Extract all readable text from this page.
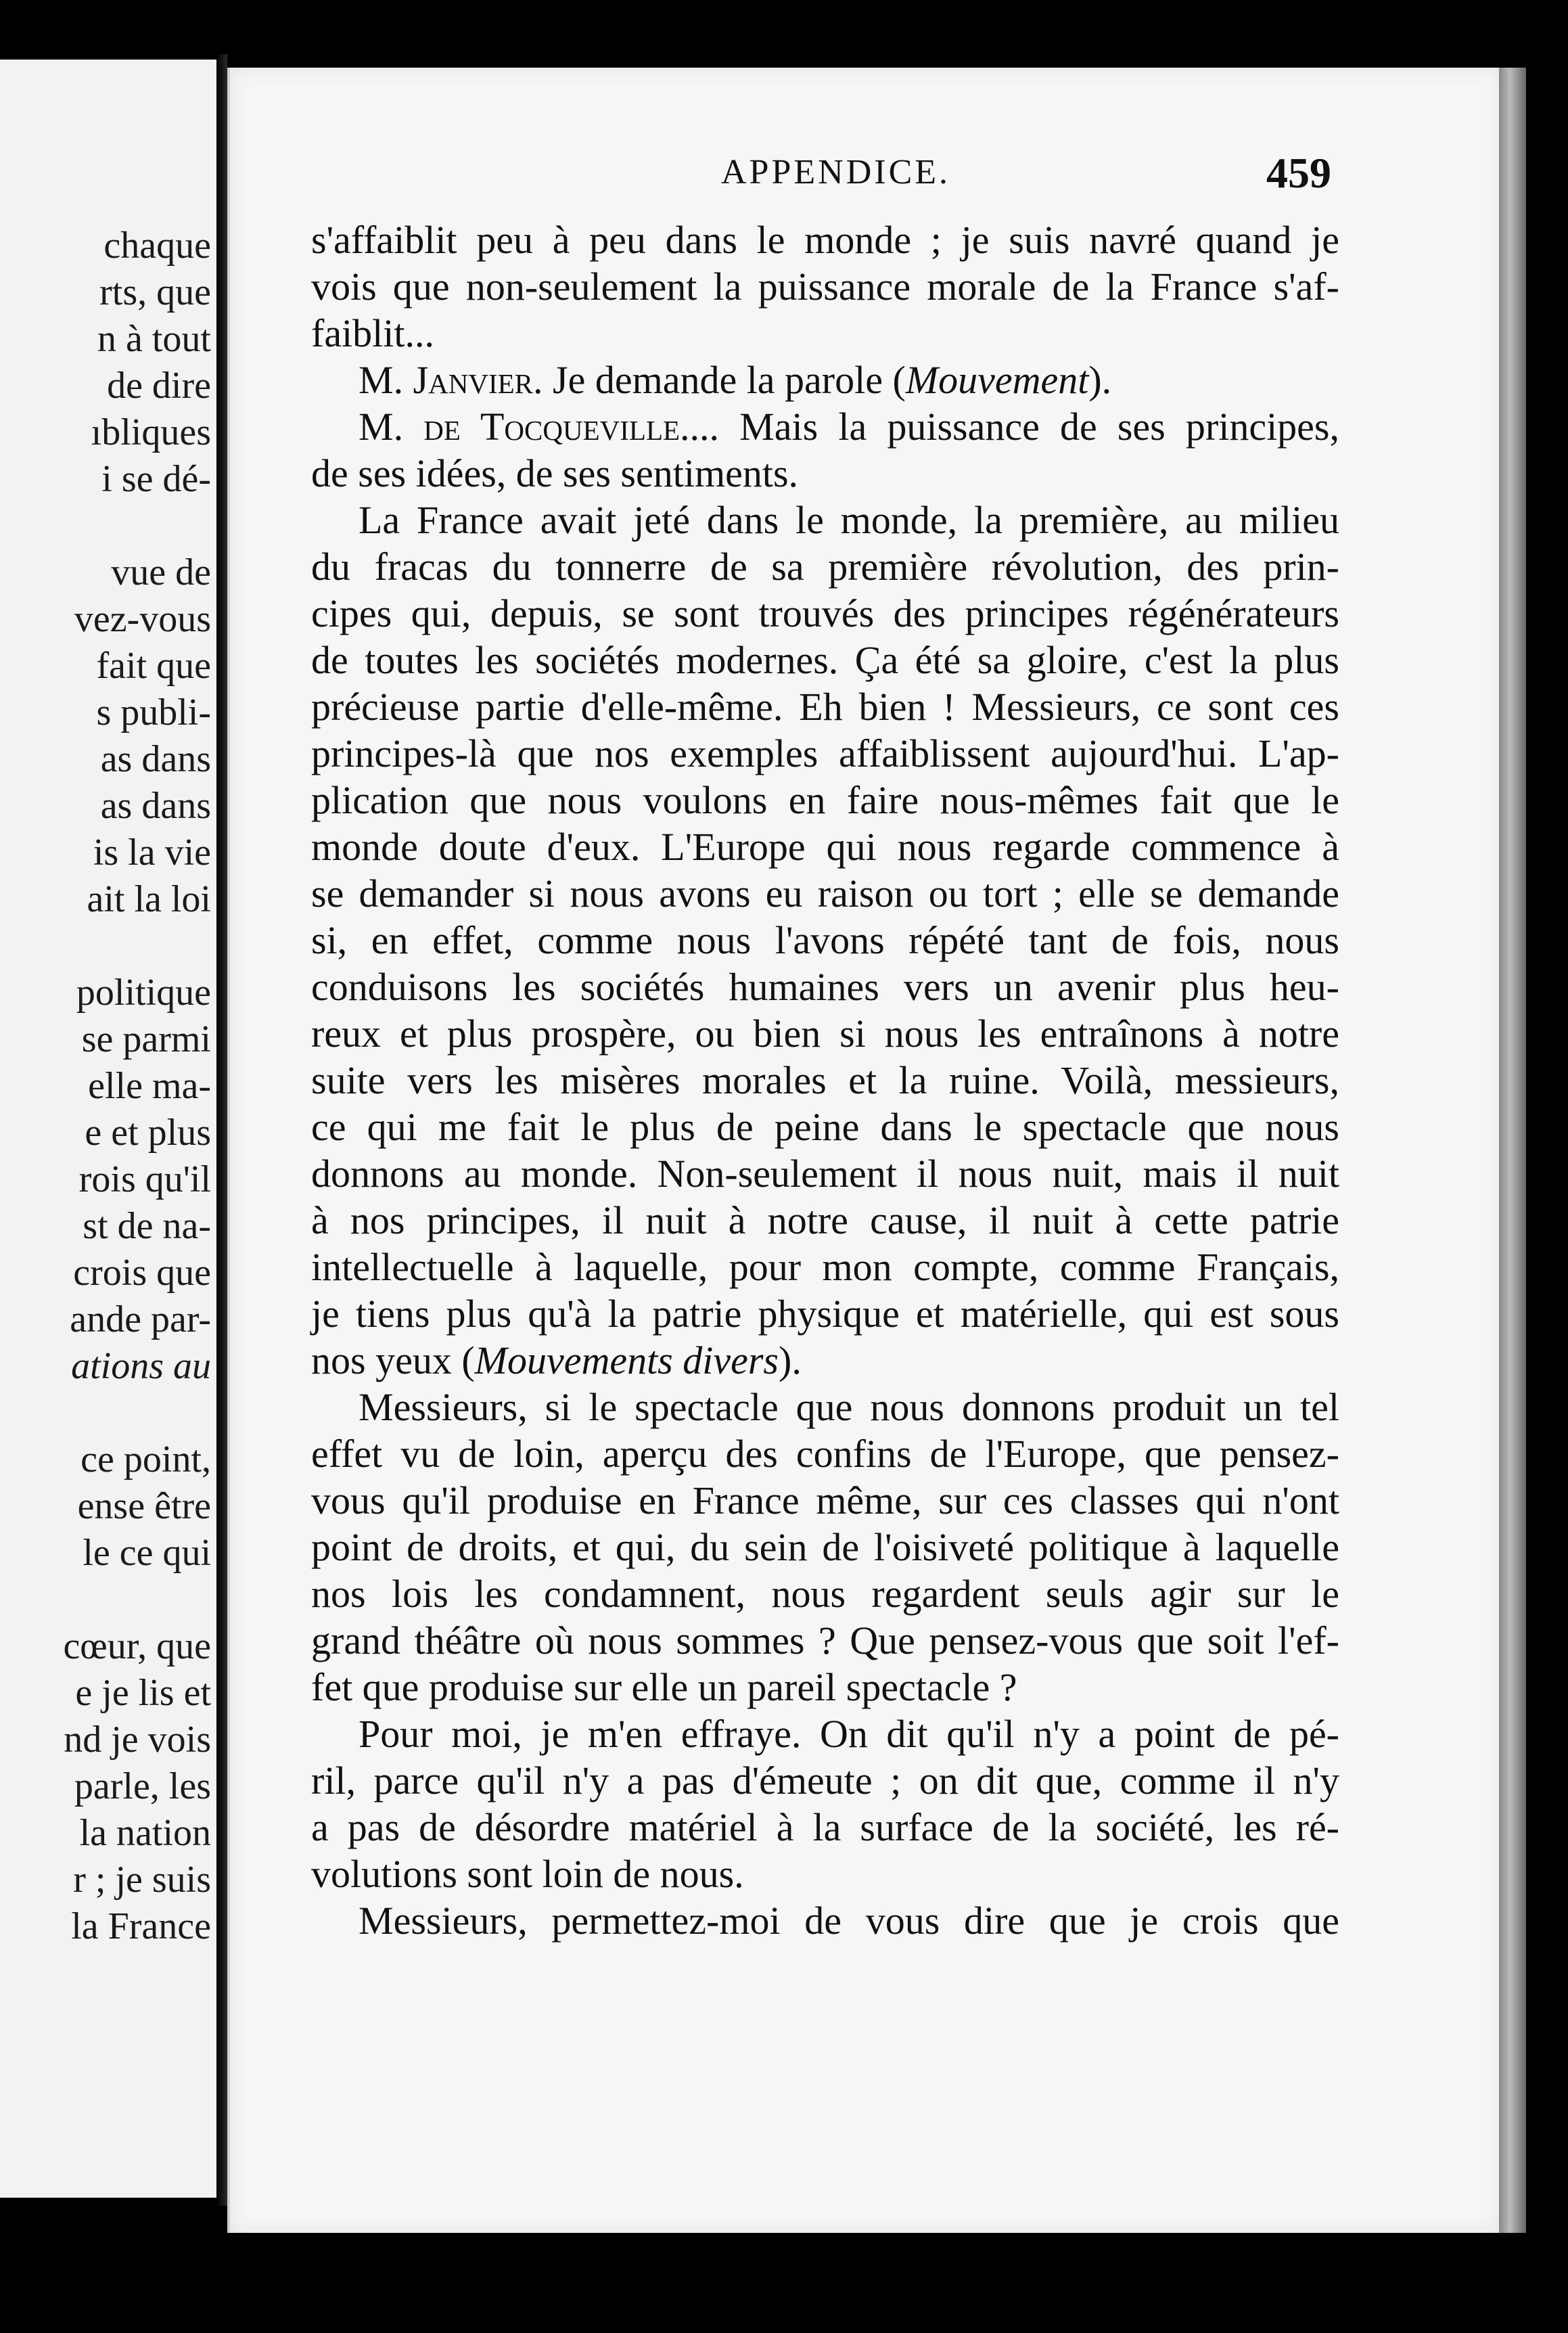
chaque
rts, que
n à tout
de dire
ıbliques
i se dé-
vue de
vez-vous
fait que
s publi-
as dans
as dans
is la vie
ait la loi
politique
se parmi
elle ma-
e et plus
rois qu'il
st de na-
crois que
ande par-
ations au
ce point,
ense être
le ce qui
cœur, que
e je lis et
nd je vois
parle, les
la nation
r ; je suis
la France
APPENDICE.	459
s'affaiblit peu à peu dans le monde ; je suis navré quand je
vois que non-seulement la puissance morale de la France s'af-
faiblit...
M. Janvier. Je demande la parole (Mouvement).
M. de Tocqueville.... Mais la puissance de ses principes,
de ses idées, de ses sentiments.
La France avait jeté dans le monde, la première, au milieu
du fracas du tonnerre de sa première révolution, des prin-
cipes qui, depuis, se sont trouvés des principes régénérateurs
de toutes les sociétés modernes. Ça été sa gloire, c'est la plus
précieuse partie d'elle-même. Eh bien ! Messieurs, ce sont ces
principes-là que nos exemples affaiblissent aujourd'hui. L'ap-
plication que nous voulons en faire nous-mêmes fait que le
monde doute d'eux. L'Europe qui nous regarde commence à
se demander si nous avons eu raison ou tort ; elle se demande
si, en effet, comme nous l'avons répété tant de fois, nous
conduisons les sociétés humaines vers un avenir plus heu-
reux et plus prospère, ou bien si nous les entraînons à notre
suite vers les misères morales et la ruine. Voilà, messieurs,
ce qui me fait le plus de peine dans le spectacle que nous
donnons au monde. Non-seulement il nous nuit, mais il nuit
à nos principes, il nuit à notre cause, il nuit à cette patrie
intellectuelle à laquelle, pour mon compte, comme Français,
je tiens plus qu'à la patrie physique et matérielle, qui est sous
nos yeux (Mouvements divers).
Messieurs, si le spectacle que nous donnons produit un tel
effet vu de loin, aperçu des confins de l'Europe, que pensez-
vous qu'il produise en France même, sur ces classes qui n'ont
point de droits, et qui, du sein de l'oisiveté politique à laquelle
nos lois les condamnent, nous regardent seuls agir sur le
grand théâtre où nous sommes ? Que pensez-vous que soit l'ef-
fet que produise sur elle un pareil spectacle ?
Pour moi, je m'en effraye. On dit qu'il n'y a point de pé-
ril, parce qu'il n'y a pas d'émeute ; on dit que, comme il n'y
a pas de désordre matériel à la surface de la société, les ré-
volutions sont loin de nous.
Messieurs, permettez-moi de vous dire que je crois que
